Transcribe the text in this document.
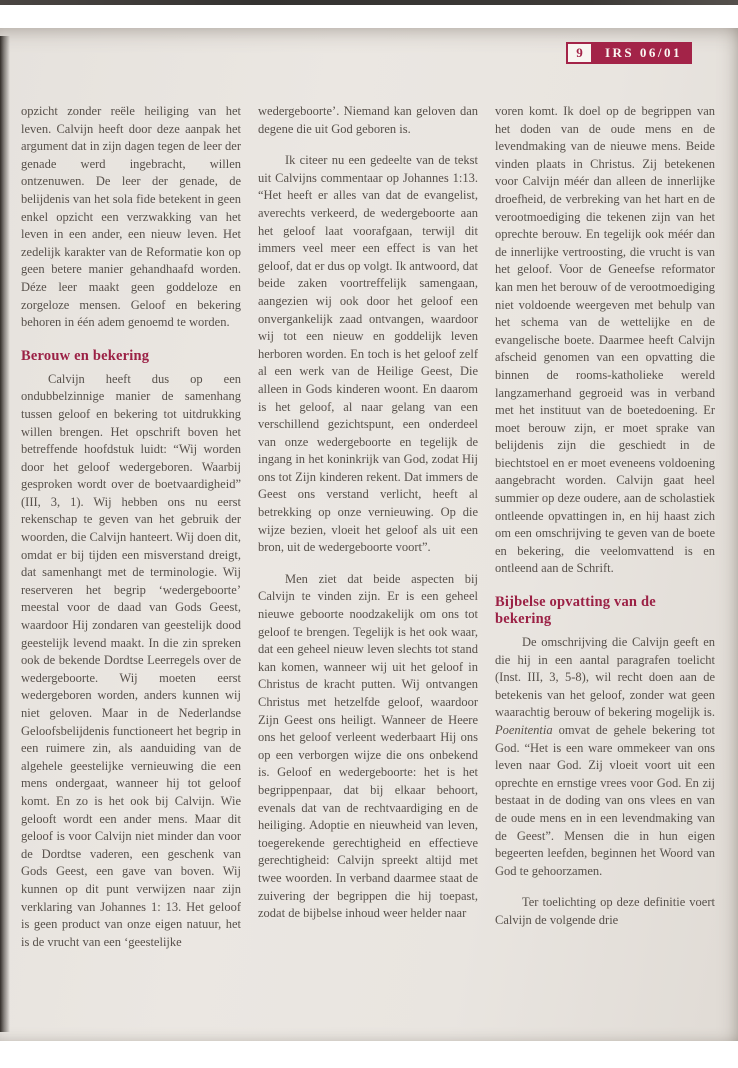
9	IRS 06/01

opzicht zonder reële heiliging van het leven. Calvijn heeft door deze aanpak het argument dat in zijn dagen tegen de leer der genade werd ingebracht, willen ontzenuwen. De leer der genade, de belijdenis van het sola fide betekent in geen enkel opzicht een verzwakking van het leven in een ander, een nieuw leven. Het zedelijk karakter van de Reformatie kon op geen betere manier gehandhaafd worden. Déze leer maakt geen goddeloze en zorgeloze mensen. Geloof en bekering behoren in één adem genoemd te worden.

Berouw en bekering

Calvijn heeft dus op een ondubbelzinnige manier de samenhang tussen geloof en bekering tot uitdrukking willen brengen. Het opschrift boven het betreffende hoofdstuk luidt: “Wij worden door het geloof wedergeboren. Waarbij gesproken wordt over de boetvaardigheid” (III, 3, 1). Wij hebben ons nu eerst rekenschap te geven van het gebruik der woorden, die Calvijn hanteert. Wij doen dit, omdat er bij tijden een misverstand dreigt, dat samenhangt met de terminologie. Wij reserveren het begrip ‘wedergeboorte’ meestal voor de daad van Gods Geest, waardoor Hij zondaren van geestelijk dood geestelijk levend maakt. In die zin spreken ook de bekende Dordtse Leerregels over de wedergeboorte. Wij moeten eerst wedergeboren worden, anders kunnen wij niet geloven. Maar in de Nederlandse Geloofsbelijdenis functioneert het begrip in een ruimere zin, als aanduiding van de algehele geestelijke vernieuwing die een mens ondergaat, wanneer hij tot geloof komt. En zo is het ook bij Calvijn. Wie gelooft wordt een ander mens. Maar dit geloof is voor Calvijn niet minder dan voor de Dordtse vaderen, een geschenk van Gods Geest, een gave van boven. Wij kunnen op dit punt verwijzen naar zijn verklaring van Johannes 1: 13. Het geloof is geen product van onze eigen natuur, het is de vrucht van een ‘geestelijke

wedergeboorte’. Niemand kan geloven dan degene die uit God geboren is.

Ik citeer nu een gedeelte van de tekst uit Calvijns commentaar op Johannes 1:13. “Het heeft er alles van dat de evangelist, averechts verkeerd, de wedergeboorte aan het geloof laat voorafgaan, terwijl dit immers veel meer een effect is van het geloof, dat er dus op volgt. Ik antwoord, dat beide zaken voortreffelijk samengaan, aangezien wij ook door het geloof een onvergankelijk zaad ontvangen, waardoor wij tot een nieuw en goddelijk leven herboren worden. En toch is het geloof zelf al een werk van de Heilige Geest, Die alleen in Gods kinderen woont. En daarom is het geloof, al naar gelang van een verschillend gezichtspunt, een onderdeel van onze wedergeboorte en tegelijk de ingang in het koninkrijk van God, zodat Hij ons tot Zijn kinderen rekent. Dat immers de Geest ons verstand verlicht, heeft al betrekking op onze vernieuwing. Op die wijze bezien, vloeit het geloof als uit een bron, uit de wedergeboorte voort”.

Men ziet dat beide aspecten bij Calvijn te vinden zijn. Er is een geheel nieuwe geboorte noodzakelijk om ons tot geloof te brengen. Tegelijk is het ook waar, dat een geheel nieuw leven slechts tot stand kan komen, wanneer wij uit het geloof in Christus de kracht putten. Wij ontvangen Christus met hetzelfde geloof, waardoor Zijn Geest ons heiligt. Wanneer de Heere ons het geloof verleent wederbaart Hij ons op een verborgen wijze die ons onbekend is. Geloof en wedergeboorte: het is het begrippenpaar, dat bij elkaar behoort, evenals dat van de rechtvaardiging en de heiliging. Adoptie en nieuwheid van leven, toegerekende gerechtigheid en effectieve gerechtigheid: Calvijn spreekt altijd met twee woorden. In verband daarmee staat de zuivering der begrippen die hij toepast, zodat de bijbelse inhoud weer helder naar

voren komt. Ik doel op de begrippen van het doden van de oude mens en de levendmaking van de nieuwe mens. Beide vinden plaats in Christus. Zij betekenen voor Calvijn méér dan alleen de innerlijke droefheid, de verbreking van het hart en de verootmoediging die tekenen zijn van het oprechte berouw. En tegelijk ook méér dan de innerlijke vertroosting, die vrucht is van het geloof. Voor de Geneefse reformator kan men het berouw of de verootmoediging niet voldoende weergeven met behulp van het schema van de wettelijke en de evangelische boete. Daarmee heeft Calvijn afscheid genomen van een opvatting die binnen de rooms-katholieke wereld langzamerhand gegroeid was in verband met het instituut van de boetedoening. Er moet berouw zijn, er moet sprake van belijdenis zijn die geschiedt in de biechtstoel en er moet eveneens voldoening aangebracht worden. Calvijn gaat heel summier op deze oudere, aan de scholastiek ontleende opvattingen in, en hij haast zich om een omschrijving te geven van de boete en bekering, die veelomvattend is en ontleend aan de Schrift.

Bijbelse opvatting van de bekering

De omschrijving die Calvijn geeft en die hij in een aantal paragrafen toelicht (Inst. III, 3, 5-8), wil recht doen aan de betekenis van het geloof, zonder wat geen waarachtig berouw of bekering mogelijk is. Poenitentia omvat de gehele bekering tot God. “Het is een ware ommekeer van ons leven naar God. Zij vloeit voort uit een oprechte en ernstige vrees voor God. En zij bestaat in de doding van ons vlees en van de oude mens en in een levendmaking van de Geest”. Mensen die in hun eigen begeerten leefden, beginnen het Woord van God te gehoorzamen.

Ter toelichting op deze definitie voert Calvijn de volgende drie
